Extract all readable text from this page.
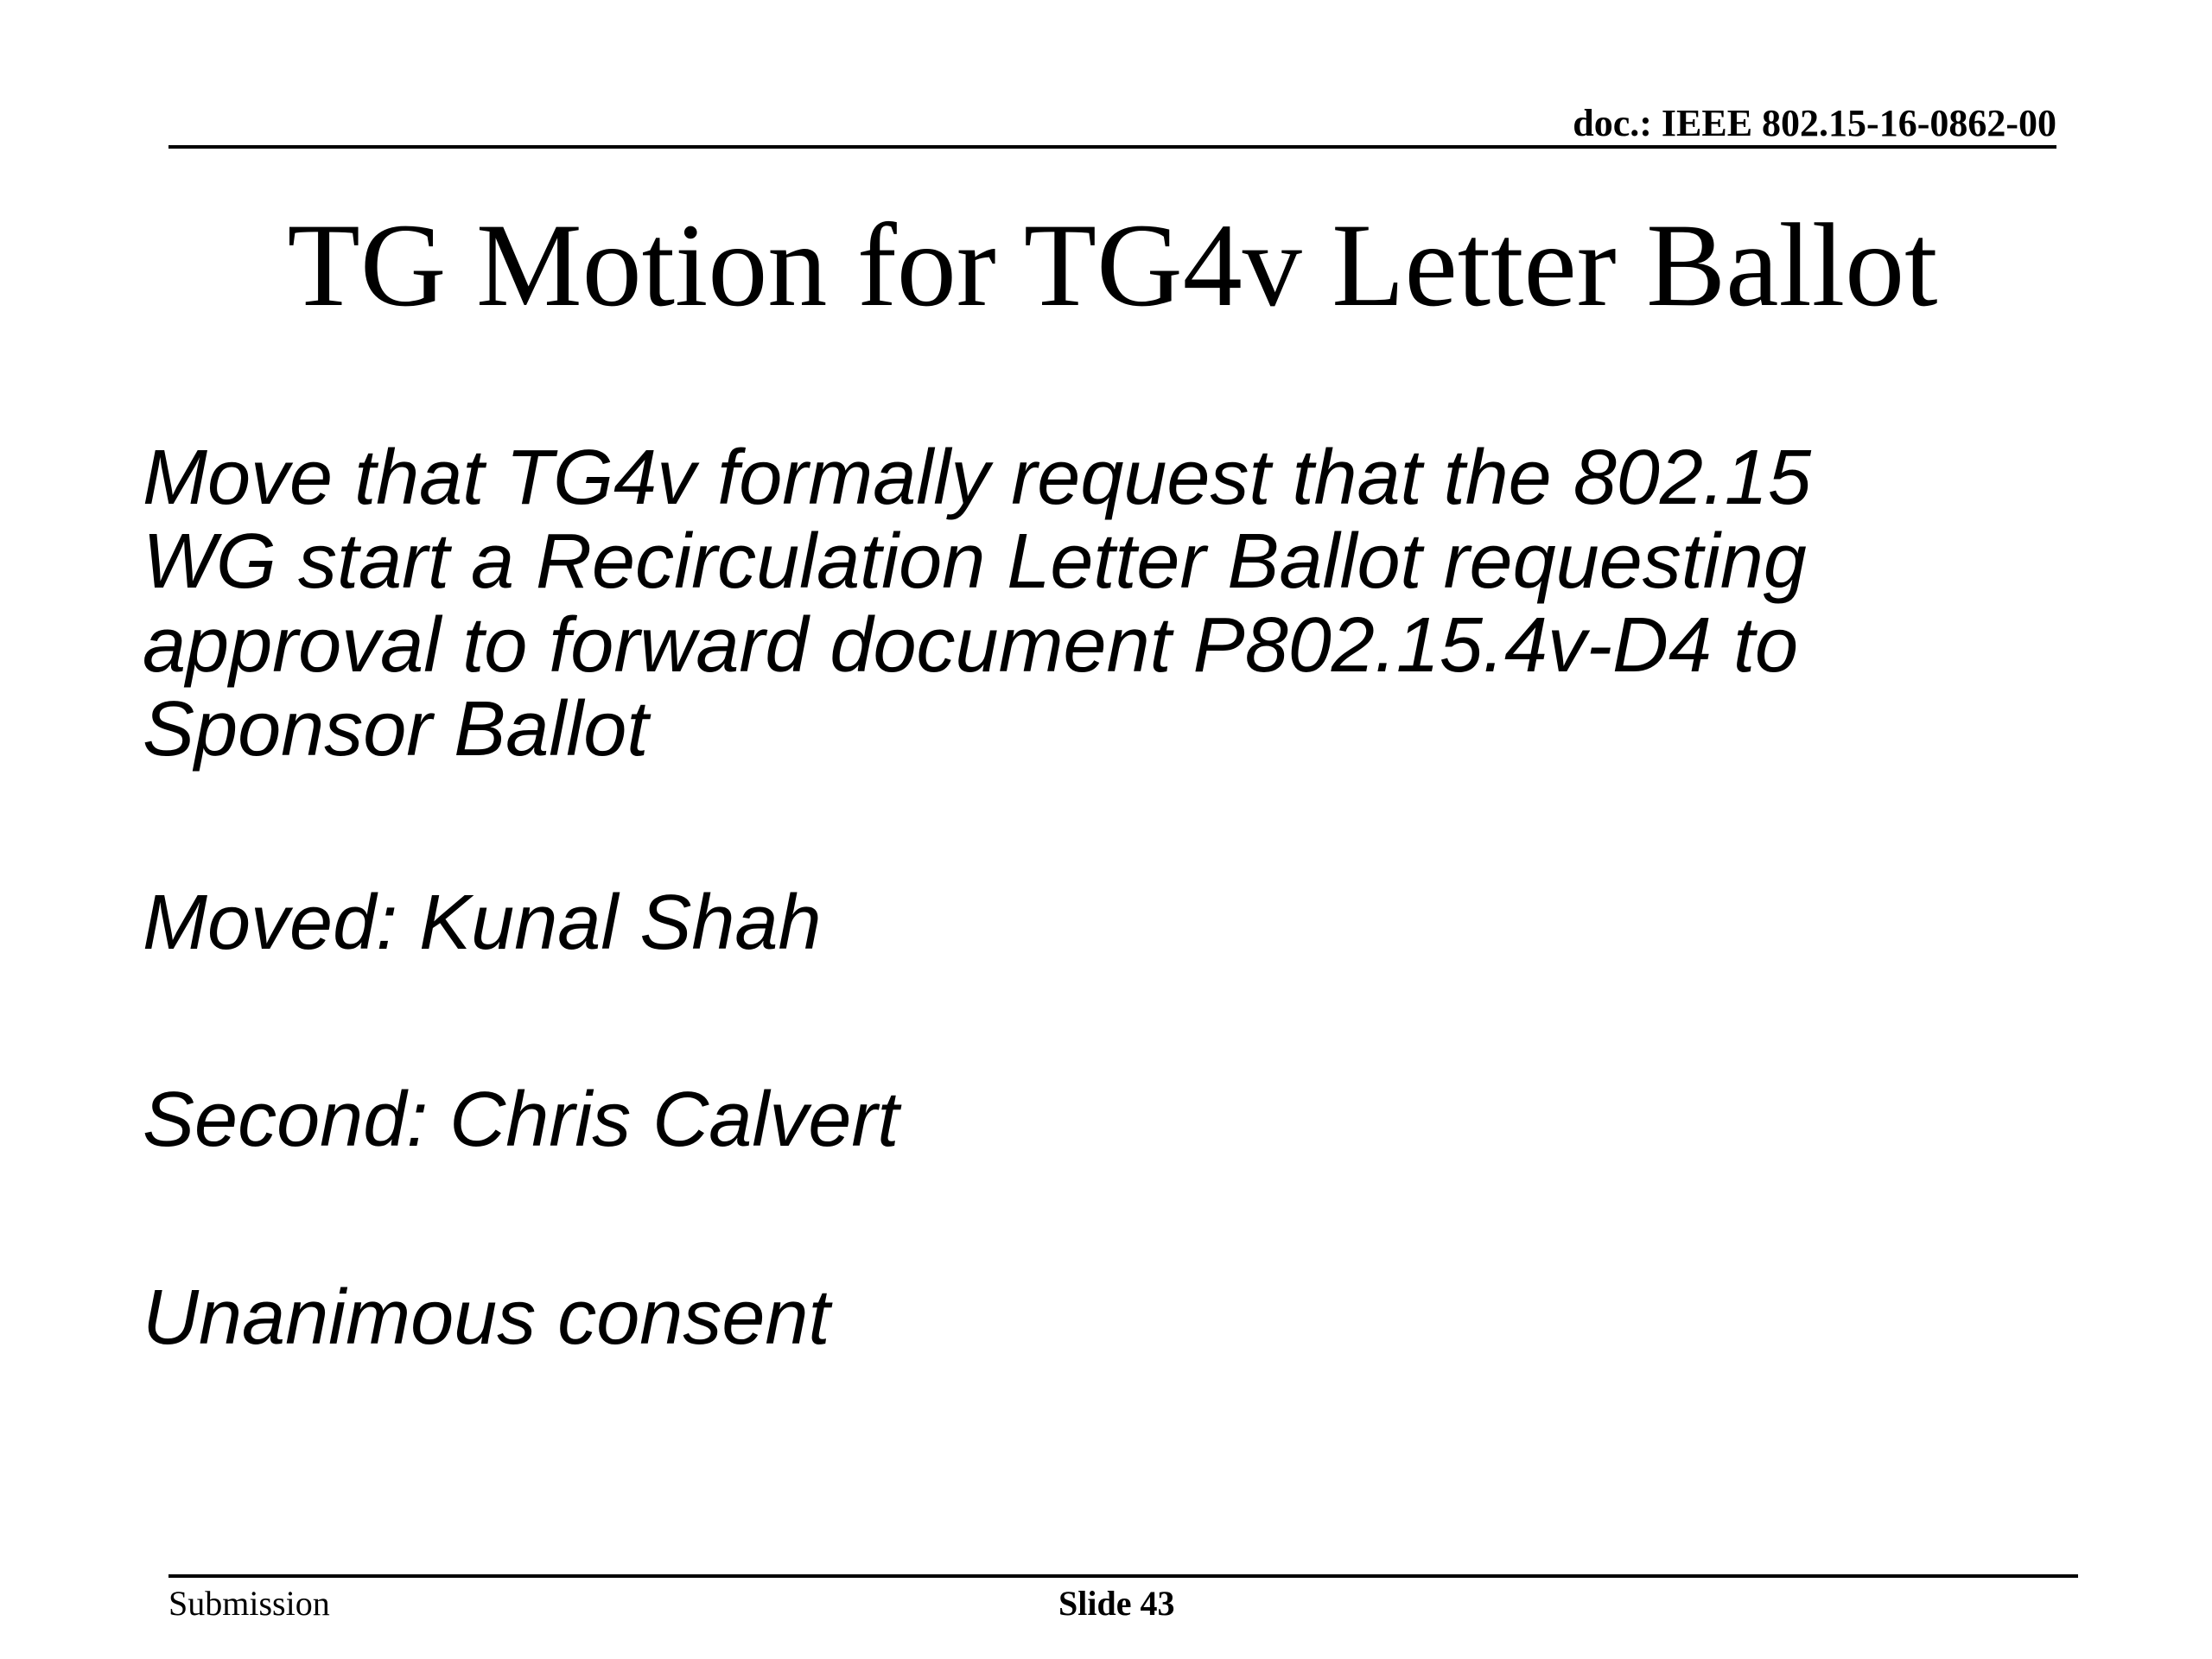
doc.: IEEE 802.15-16-0862-00
TG Motion for TG4v Letter Ballot

Move that TG4v formally request that the 802.15
WG start a Recirculation Letter Ballot requesting
approval to forward document P802.15.4v-D4 to
Sponsor Ballot

Moved: Kunal Shah
Second: Chris Calvert
Unanimous consent
Submission	Slide 43
